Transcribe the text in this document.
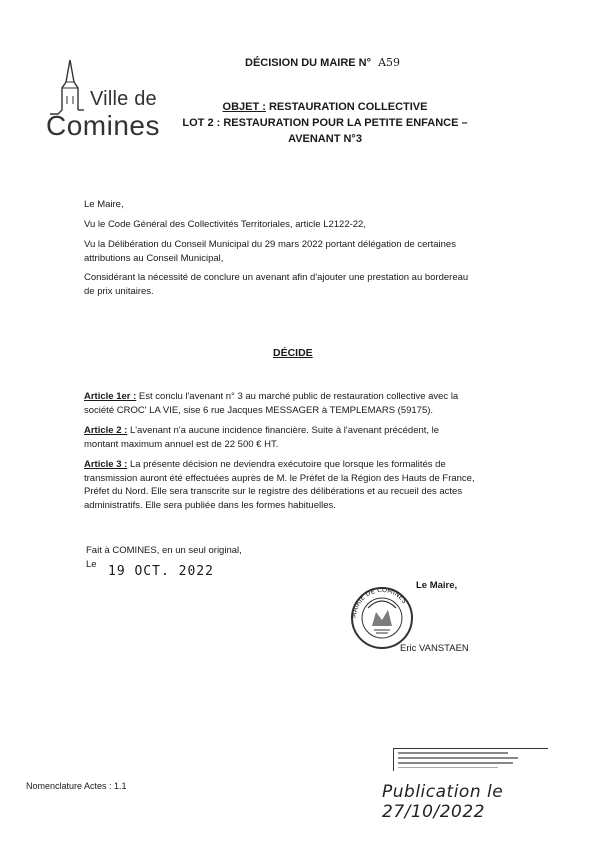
Ville de
Comines
DÉCISION DU MAIRE N° A59
OBJET : RESTAURATION COLLECTIVE
LOT 2 : RESTAURATION POUR LA PETITE ENFANCE –
AVENANT N°3
Le Maire,
Vu le Code Général des Collectivités Territoriales, article L2122-22,
Vu la Délibération du Conseil Municipal du 29 mars 2022 portant délégation de certaines
attributions au Conseil Municipal,
Considérant la nécessité de conclure un avenant afin d'ajouter une prestation au bordereau
de prix unitaires.
DÉCIDE
Article 1er : Est conclu l'avenant n° 3 au marché public de restauration collective avec la
société CROC' LA VIE, sise 6 rue Jacques MESSAGER à TEMPLEMARS (59175).
Article 2 : L'avenant n'a aucune incidence financière. Suite à l'avenant précédent, le
montant maximum annuel est de 22 500 € HT.
Article 3 : La présente décision ne deviendra exécutoire que lorsque les formalités de
transmission auront été effectuées auprès de M. le Préfet de la Région des Hauts de France,
Préfet du Nord. Elle sera transcrite sur le registre des délibérations et au recueil des actes
administratifs. Elle sera publiée dans les formes habituelles.
Fait à COMINES, en un seul original,
Le 19 OCT. 2022
Le Maire,
MAIRIE DE COMINES
Eric VANSTAEN
Nomenclature Actes : 1.1	Publication le 27/10/2022
